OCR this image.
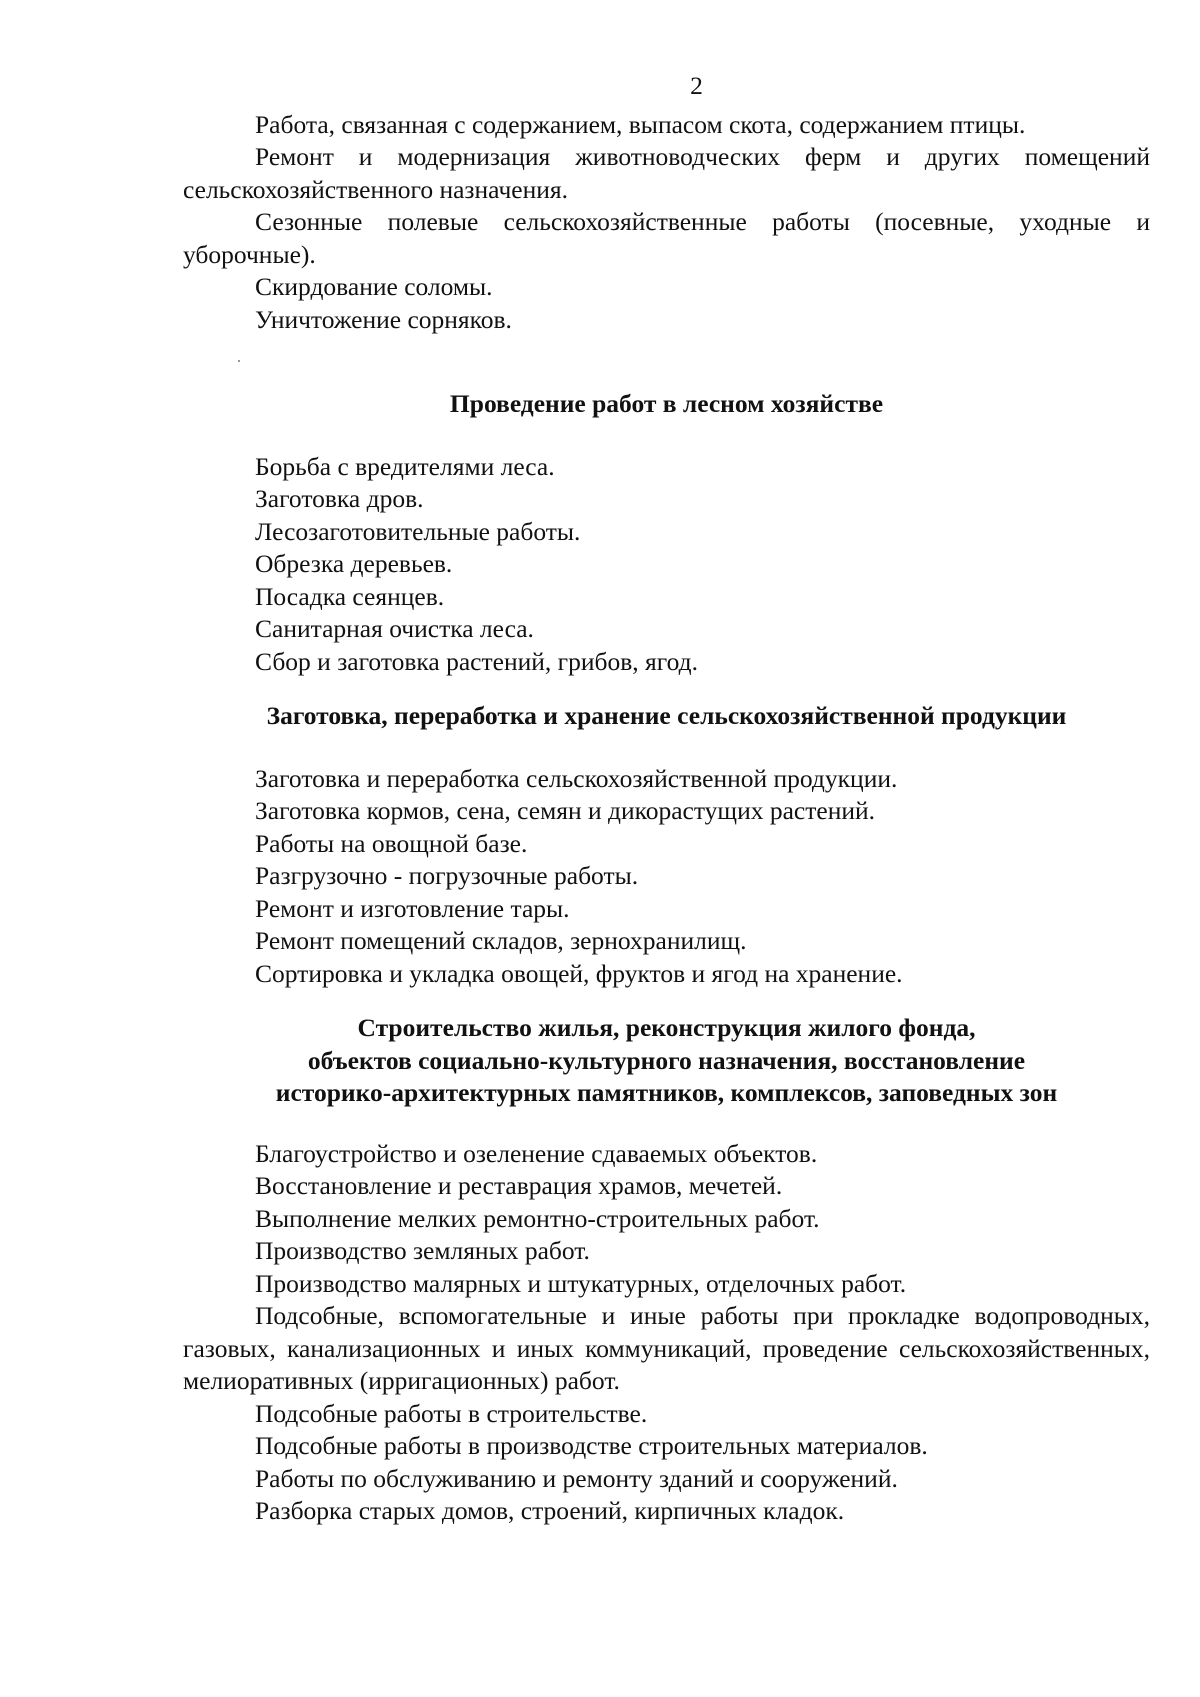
2

Работа, связанная с содержанием, выпасом скота, содержанием птицы.

Ремонт и модернизация животноводческих ферм и других помещений сельскохозяйственного назначения.

Сезонные полевые сельскохозяйственные работы (посевные, уходные и уборочные).

Скирдование соломы.

Уничтожение сорняков.

Проведение работ в лесном хозяйстве

Борьба с вредителями леса.

Заготовка дров.

Лесозаготовительные работы.

Обрезка деревьев.

Посадка сеянцев.

Санитарная очистка леса.

Сбор и заготовка растений, грибов, ягод.

Заготовка, переработка и хранение сельскохозяйственной продукции

Заготовка и переработка сельскохозяйственной продукции.

Заготовка кормов, сена, семян и дикорастущих растений.

Работы на овощной базе.

Разгрузочно - погрузочные работы.

Ремонт и изготовление тары.

Ремонт помещений складов, зернохранилищ.

Сортировка и укладка овощей, фруктов и ягод на хранение.

Строительство жилья, реконструкция жилого фонда,

объектов социально-культурного назначения, восстановление

историко-архитектурных памятников, комплексов, заповедных зон

Благоустройство и озеленение сдаваемых объектов.

Восстановление и реставрация храмов, мечетей.

Выполнение мелких ремонтно-строительных работ.

Производство земляных работ.

Производство малярных и штукатурных, отделочных работ.

Подсобные, вспомогательные и иные работы при прокладке водопроводных, газовых, канализационных и иных коммуникаций, проведение сельскохозяйственных, мелиоративных (ирригационных) работ.

Подсобные работы в строительстве.

Подсобные работы в производстве строительных материалов.

Работы по обслуживанию и ремонту зданий и сооружений.

Разборка старых домов, строений, кирпичных кладок.
